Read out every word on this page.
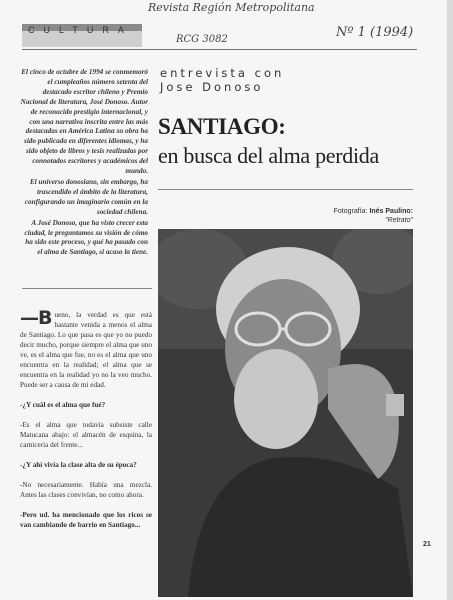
Revista Región Metropolitana
RCG 3082	Nº 1 (1994)
CULTURA

El cinco de octubre de 1994 se conmemoró el cumpleaños número setenta del destacado escritor chileno y Premio Nacional de literatura, José Donoso. Autor de reconocido prestigio internacional, y con una narrativa inscrita entre las más destacadas en América Latina su obra ha sido publicada en diferentes idiomas, y ha sido objeto de libros y tesis realizadas por connotados escritores y académicos del mundo.

El universo donosiano, sin embargo, ha trascendido el ámbito de la literatura, configurando un imaginario común en la sociedad chilena.

A José Donoso, que ha visto crecer esta ciudad, le preguntamos su visión de cómo ha sido este proceso, y qué ha pasado con el alma de Santiago, si acaso la tiene.

entrevista con
Jose Donoso
SANTIAGO:
en busca del alma perdida
Fotografía: Inés Paulino:
"Retrato"

—B ueno, la verdad es que está bastante venida a menos el alma de Santiago. Lo que pasa es que yo no puedo decir mucho, porque siempre el alma que uno ve, es el alma que fue, no es el alma que uno encuentra en la realidad; el alma que se encuentra en la realidad yo no la veo mucho. Puede ser a causa de mi edad.

-¿Y cuál es el alma que fué?

-Es el alma que todavía subsiste calle Matucana abajo: el almacén de esquina, la carnicería del frente...

-¿Y ahí vivía la clase alta de su época?

-No necesariamente. Había una mezcla. Antes las clases convivían, no como ahora.

-Pero ud. ha mencionado que los ricos se van cambiando de barrio en Santiago...

21
